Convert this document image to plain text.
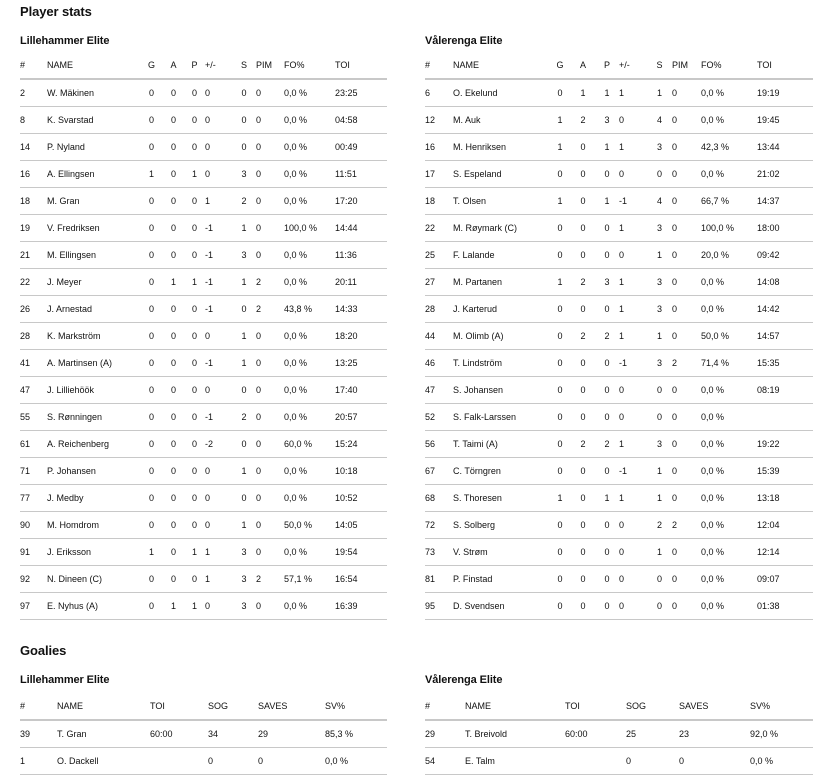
Player stats
Lillehammer Elite	Vålerenga Elite
#	NAME	G	A	P	+/-	S	PIM	FO%	TOI
2	W. Mäkinen	0	0	0	0	0	0	0,0 %	23:25
8	K. Svarstad	0	0	0	0	0	0	0,0 %	04:58
14	P. Nyland	0	0	0	0	0	0	0,0 %	00:49
16	A. Ellingsen	1	0	1	0	3	0	0,0 %	11:51
18	M. Gran	0	0	0	1	2	0	0,0 %	17:20
19	V. Fredriksen	0	0	0	-1	1	0	100,0 %	14:44
21	M. Ellingsen	0	0	0	-1	3	0	0,0 %	11:36
22	J. Meyer	0	1	1	-1	1	2	0,0 %	20:11
26	J. Arnestad	0	0	0	-1	0	2	43,8 %	14:33
28	K. Markström	0	0	0	0	1	0	0,0 %	18:20
41	A. Martinsen (A)	0	0	0	-1	1	0	0,0 %	13:25
47	J. Lilliehöök	0	0	0	0	0	0	0,0 %	17:40
55	S. Rønningen	0	0	0	-1	2	0	0,0 %	20:57
61	A. Reichenberg	0	0	0	-2	0	0	60,0 %	15:24
71	P. Johansen	0	0	0	0	1	0	0,0 %	10:18
77	J. Medby	0	0	0	0	0	0	0,0 %	10:52
90	M. Homdrom	0	0	0	0	1	0	50,0 %	14:05
91	J. Eriksson	1	0	1	1	3	0	0,0 %	19:54
92	N. Dineen (C)	0	0	0	1	3	2	57,1 %	16:54
97	E. Nyhus (A)	0	1	1	0	3	0	0,0 %	16:39
#	NAME	G	A	P	+/-	S	PIM	FO%	TOI
6	O. Ekelund	0	1	1	1	1	0	0,0 %	19:19
12	M. Auk	1	2	3	0	4	0	0,0 %	19:45
16	M. Henriksen	1	0	1	1	3	0	42,3 %	13:44
17	S. Espeland	0	0	0	0	0	0	0,0 %	21:02
18	T. Olsen	1	0	1	-1	4	0	66,7 %	14:37
22	M. Røymark (C)	0	0	0	1	3	0	100,0 %	18:00
25	F. Lalande	0	0	0	0	1	0	20,0 %	09:42
27	M. Partanen	1	2	3	1	3	0	0,0 %	14:08
28	J. Karterud	0	0	0	1	3	0	0,0 %	14:42
44	M. Olimb (A)	0	2	2	1	1	0	50,0 %	14:57
46	T. Lindström	0	0	0	-1	3	2	71,4 %	15:35
47	S. Johansen	0	0	0	0	0	0	0,0 %	08:19
52	S. Falk-Larssen	0	0	0	0	0	0	0,0 %	
56	T. Taimi (A)	0	2	2	1	3	0	0,0 %	19:22
67	C. Törngren	0	0	0	-1	1	0	0,0 %	15:39
68	S. Thoresen	1	0	1	1	1	0	0,0 %	13:18
72	S. Solberg	0	0	0	0	2	2	0,0 %	12:04
73	V. Strøm	0	0	0	0	1	0	0,0 %	12:14
81	P. Finstad	0	0	0	0	0	0	0,0 %	09:07
95	D. Svendsen	0	0	0	0	0	0	0,0 %	01:38
Goalies
Lillehammer Elite	Vålerenga Elite
#	NAME	TOI	SOG	SAVES	SV%
39	T. Gran	60:00	34	29	85,3 %
1	O. Dackell		0	0	0,0 %
#	NAME	TOI	SOG	SAVES	SV%
29	T. Breivold	60:00	25	23	92,0 %
54	E. Talm		0	0	0,0 %
